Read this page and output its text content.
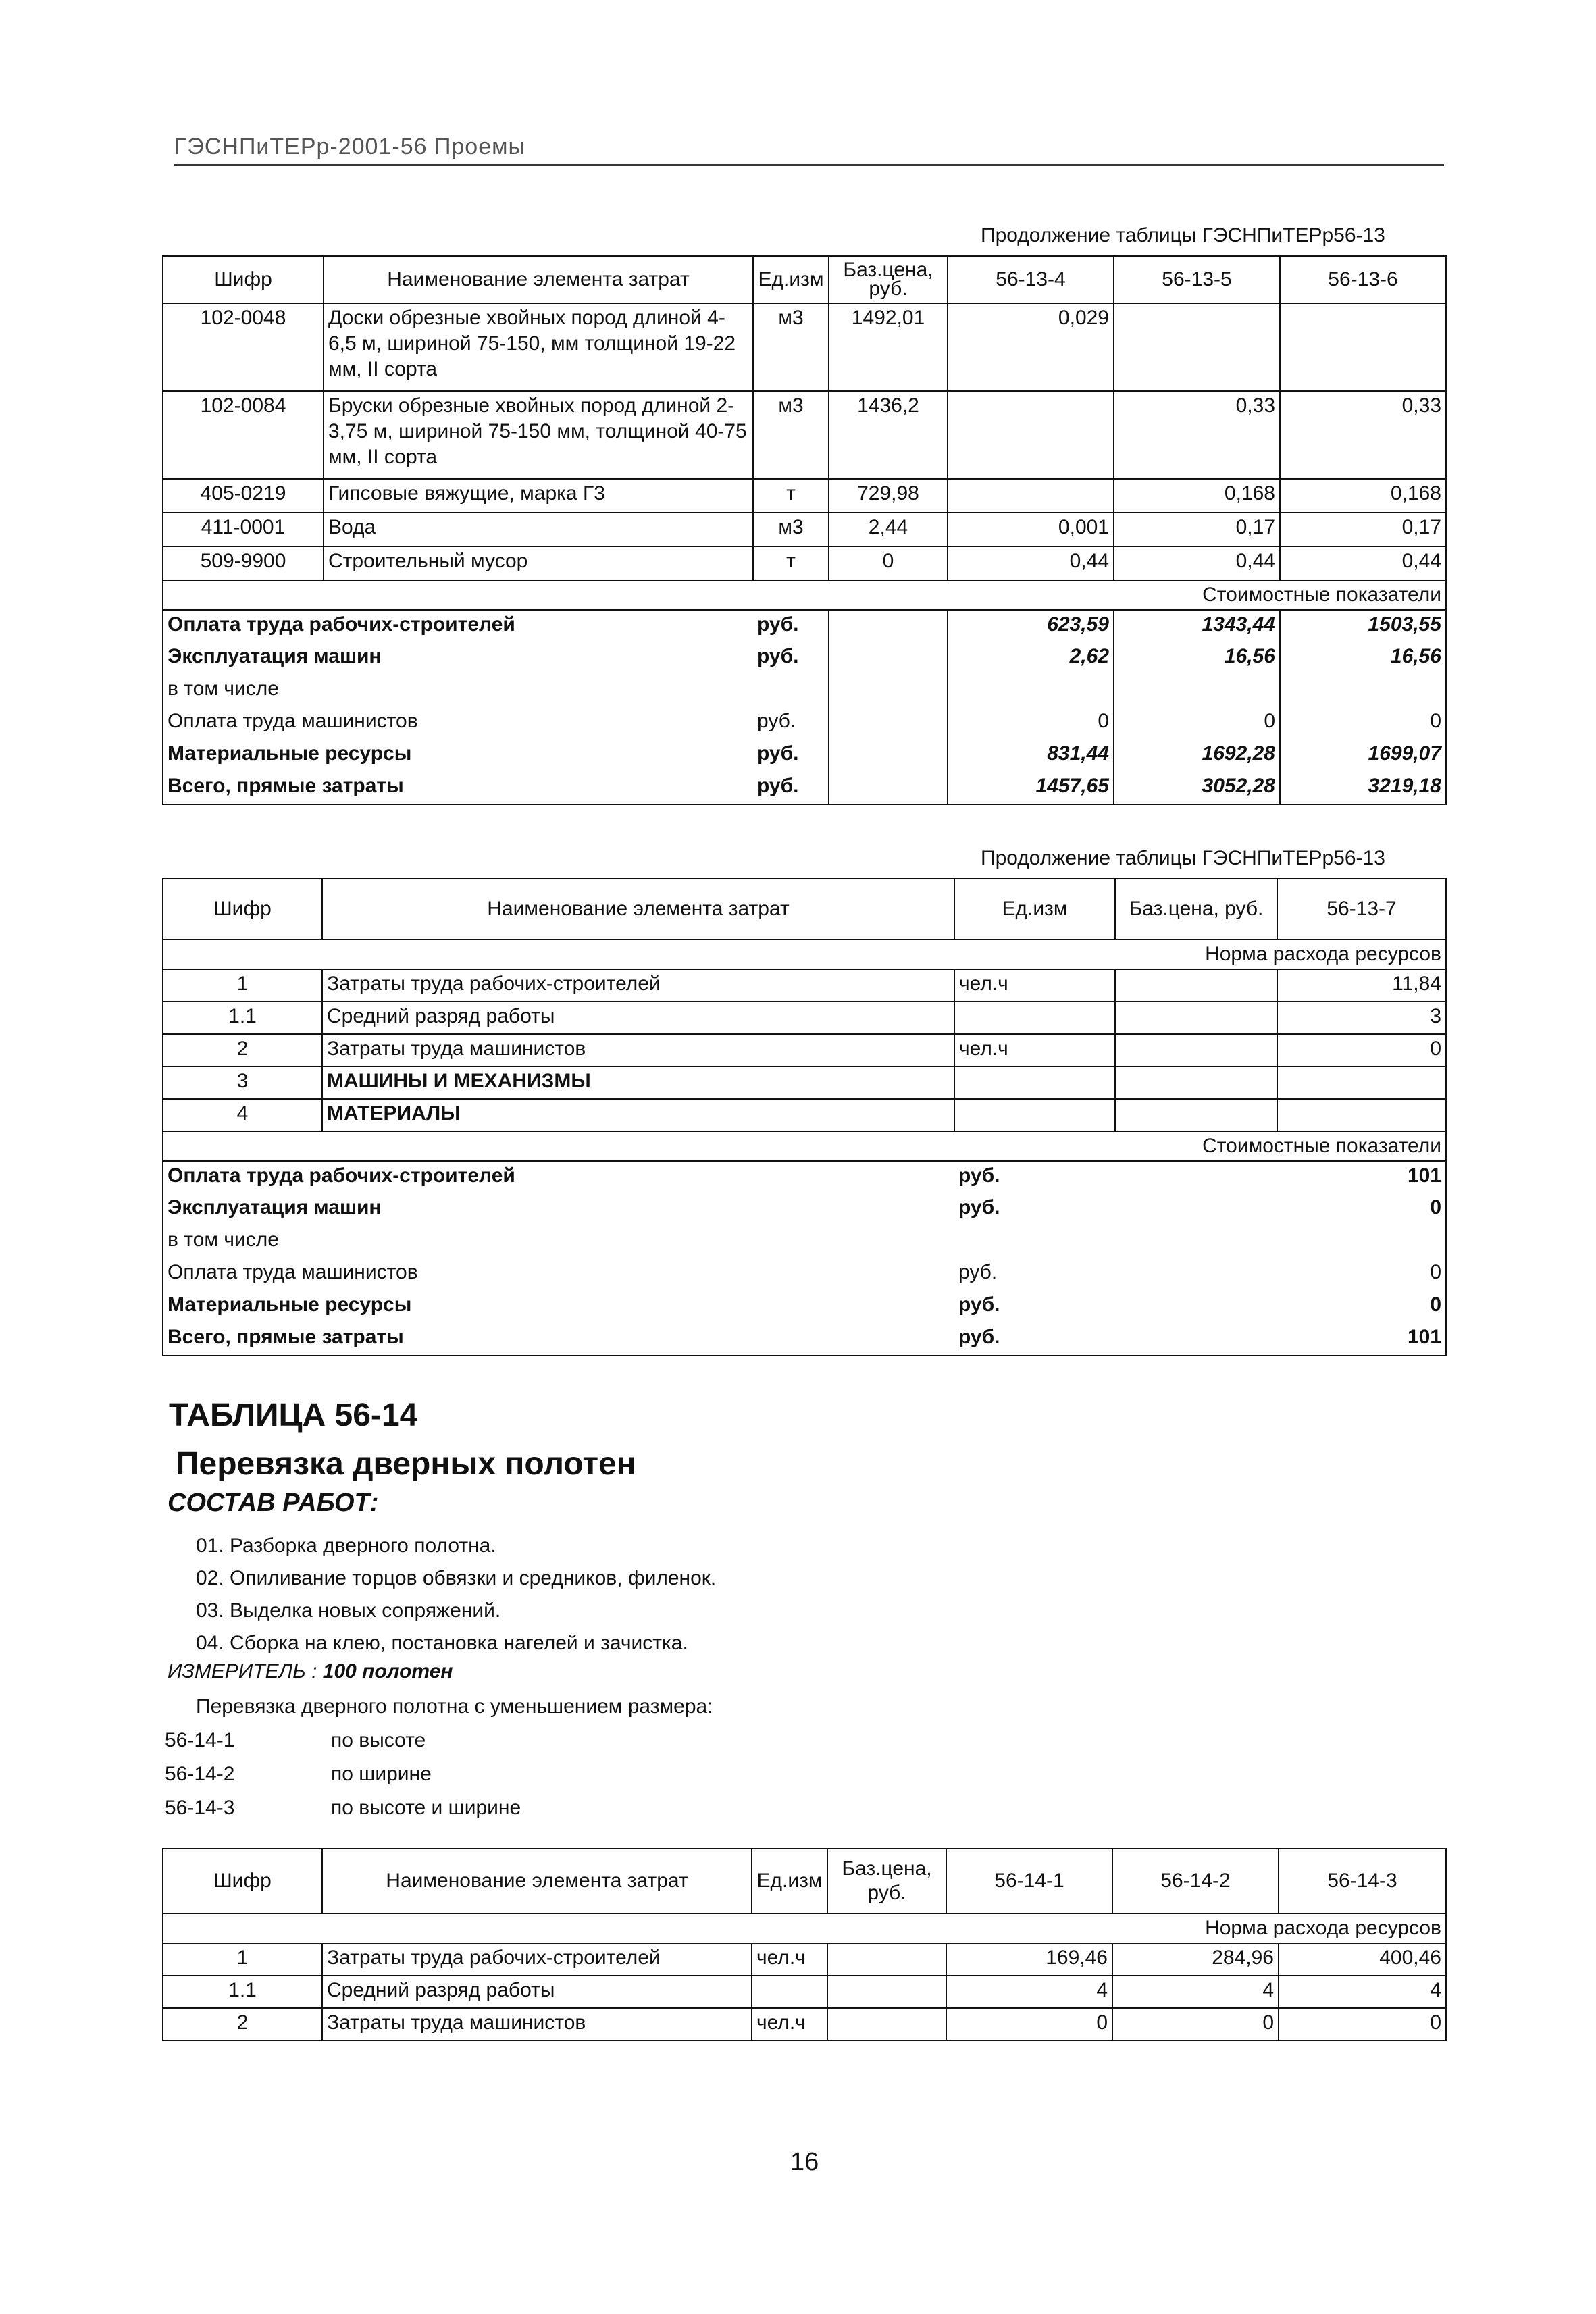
ГЭСНПиТЕРр-2001-56 Проемы
Продолжение таблицы ГЭСНПиТЕРр56-13
Шифр	Наименование элемента затрат	Ед.изм	Баз.цена, руб.	56-13-4	56-13-5	56-13-6
102-0048	Доски обрезные хвойных пород длиной 4-6,5 м, шириной 75-150, мм толщиной 19-22 мм, II сорта	м3	1492,01	0,029		
102-0084	Бруски обрезные хвойных пород длиной 2-3,75 м, шириной 75-150 мм, толщиной 40-75 мм, II сорта	м3	1436,2		0,33	0,33
405-0219	Гипсовые вяжущие, марка Г3	т	729,98		0,168	0,168
411-0001	Вода	м3	2,44	0,001	0,17	0,17
509-9900	Строительный мусор	т	0	0,44	0,44	0,44
Стоимостные показатели						
Оплата труда рабочих-строителей		руб.		623,59	1343,44	1503,55
Эксплуатация машин		руб.		2,62	16,56	16,56
в том числе						
Оплата труда машинистов		руб.		0	0	0
Материальные ресурсы		руб.		831,44	1692,28	1699,07
Всего, прямые затраты		руб.		1457,65	3052,28	3219,18
Продолжение таблицы ГЭСНПиТЕРр56-13
Шифр	Наименование элемента затрат	Ед.изм	Баз.цена, руб.	56-13-7
Норма расхода ресурсов				
1	Затраты труда рабочих-строителей	чел.ч		11,84
1.1	Средний разряд работы			3
2	Затраты труда машинистов	чел.ч		0
3	МАШИНЫ И МЕХАНИЗМЫ			
4	МАТЕРИАЛЫ			
Стоимостные показатели				
Оплата труда рабочих-строителей		руб.		101
Эксплуатация машин		руб.		0
в том числе				
Оплата труда машинистов		руб.		0
Материальные ресурсы		руб.		0
Всего, прямые затраты		руб.		101
ТАБЛИЦА 56-14
Перевязка дверных полотен
СОСТАВ РАБОТ:
01. Разборка дверного полотна.
02. Опиливание торцов обвязки и средников, филенок.
03. Выделка новых сопряжений.
04. Сборка на клею, постановка нагелей и зачистка.
ИЗМЕРИТЕЛЬ : 100 полотен
Перевязка дверного полотна с уменьшением размера:
56-14-1	по высоте
56-14-2	по ширине
56-14-3	по высоте и ширине
Шифр	Наименование элемента затрат	Ед.изм	Баз.цена, руб.	56-14-1	56-14-2	56-14-3
Норма расхода ресурсов						
1	Затраты труда рабочих-строителей	чел.ч		169,46	284,96	400,46
1.1	Средний разряд работы			4	4	4
2	Затраты труда машинистов	чел.ч		0	0	0
16
